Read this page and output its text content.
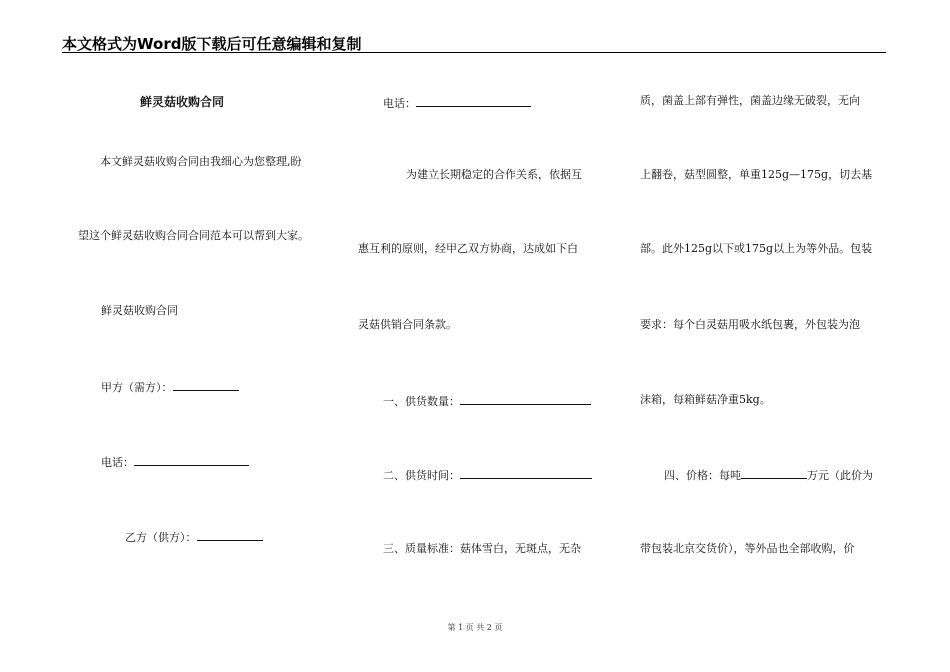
本文格式为Word版下载后可任意编辑和复制
鲜灵菇收购合同
本文鲜灵菇收购合同由我细心为您整理,盼
望这个鲜灵菇收购合同合同范本可以帮到大家。
鲜灵菇收购合同
甲方（需方）：
电话：
乙方（供方）：
电话：
为建立长期稳定的合作关系，依据互
惠互利的原则，经甲乙双方协商，达成如下白
灵菇供销合同条款。
一、供货数量：
二、供货时间：
三、质量标准：菇体雪白，无斑点，无杂
质，菌盖上部有弹性，菌盖边缘无破裂，无向
上翻卷，菇型圆整，单重125g—175g，切去基
部。此外125g以下或175g以上为等外品。包装
要求：每个白灵菇用吸水纸包裹，外包装为泡
沫箱，每箱鲜菇净重5kg。
四、价格：每吨	万元（此价为
带包装北京交货价），等外品也全部收购，价
第 1 页 共 2 页
